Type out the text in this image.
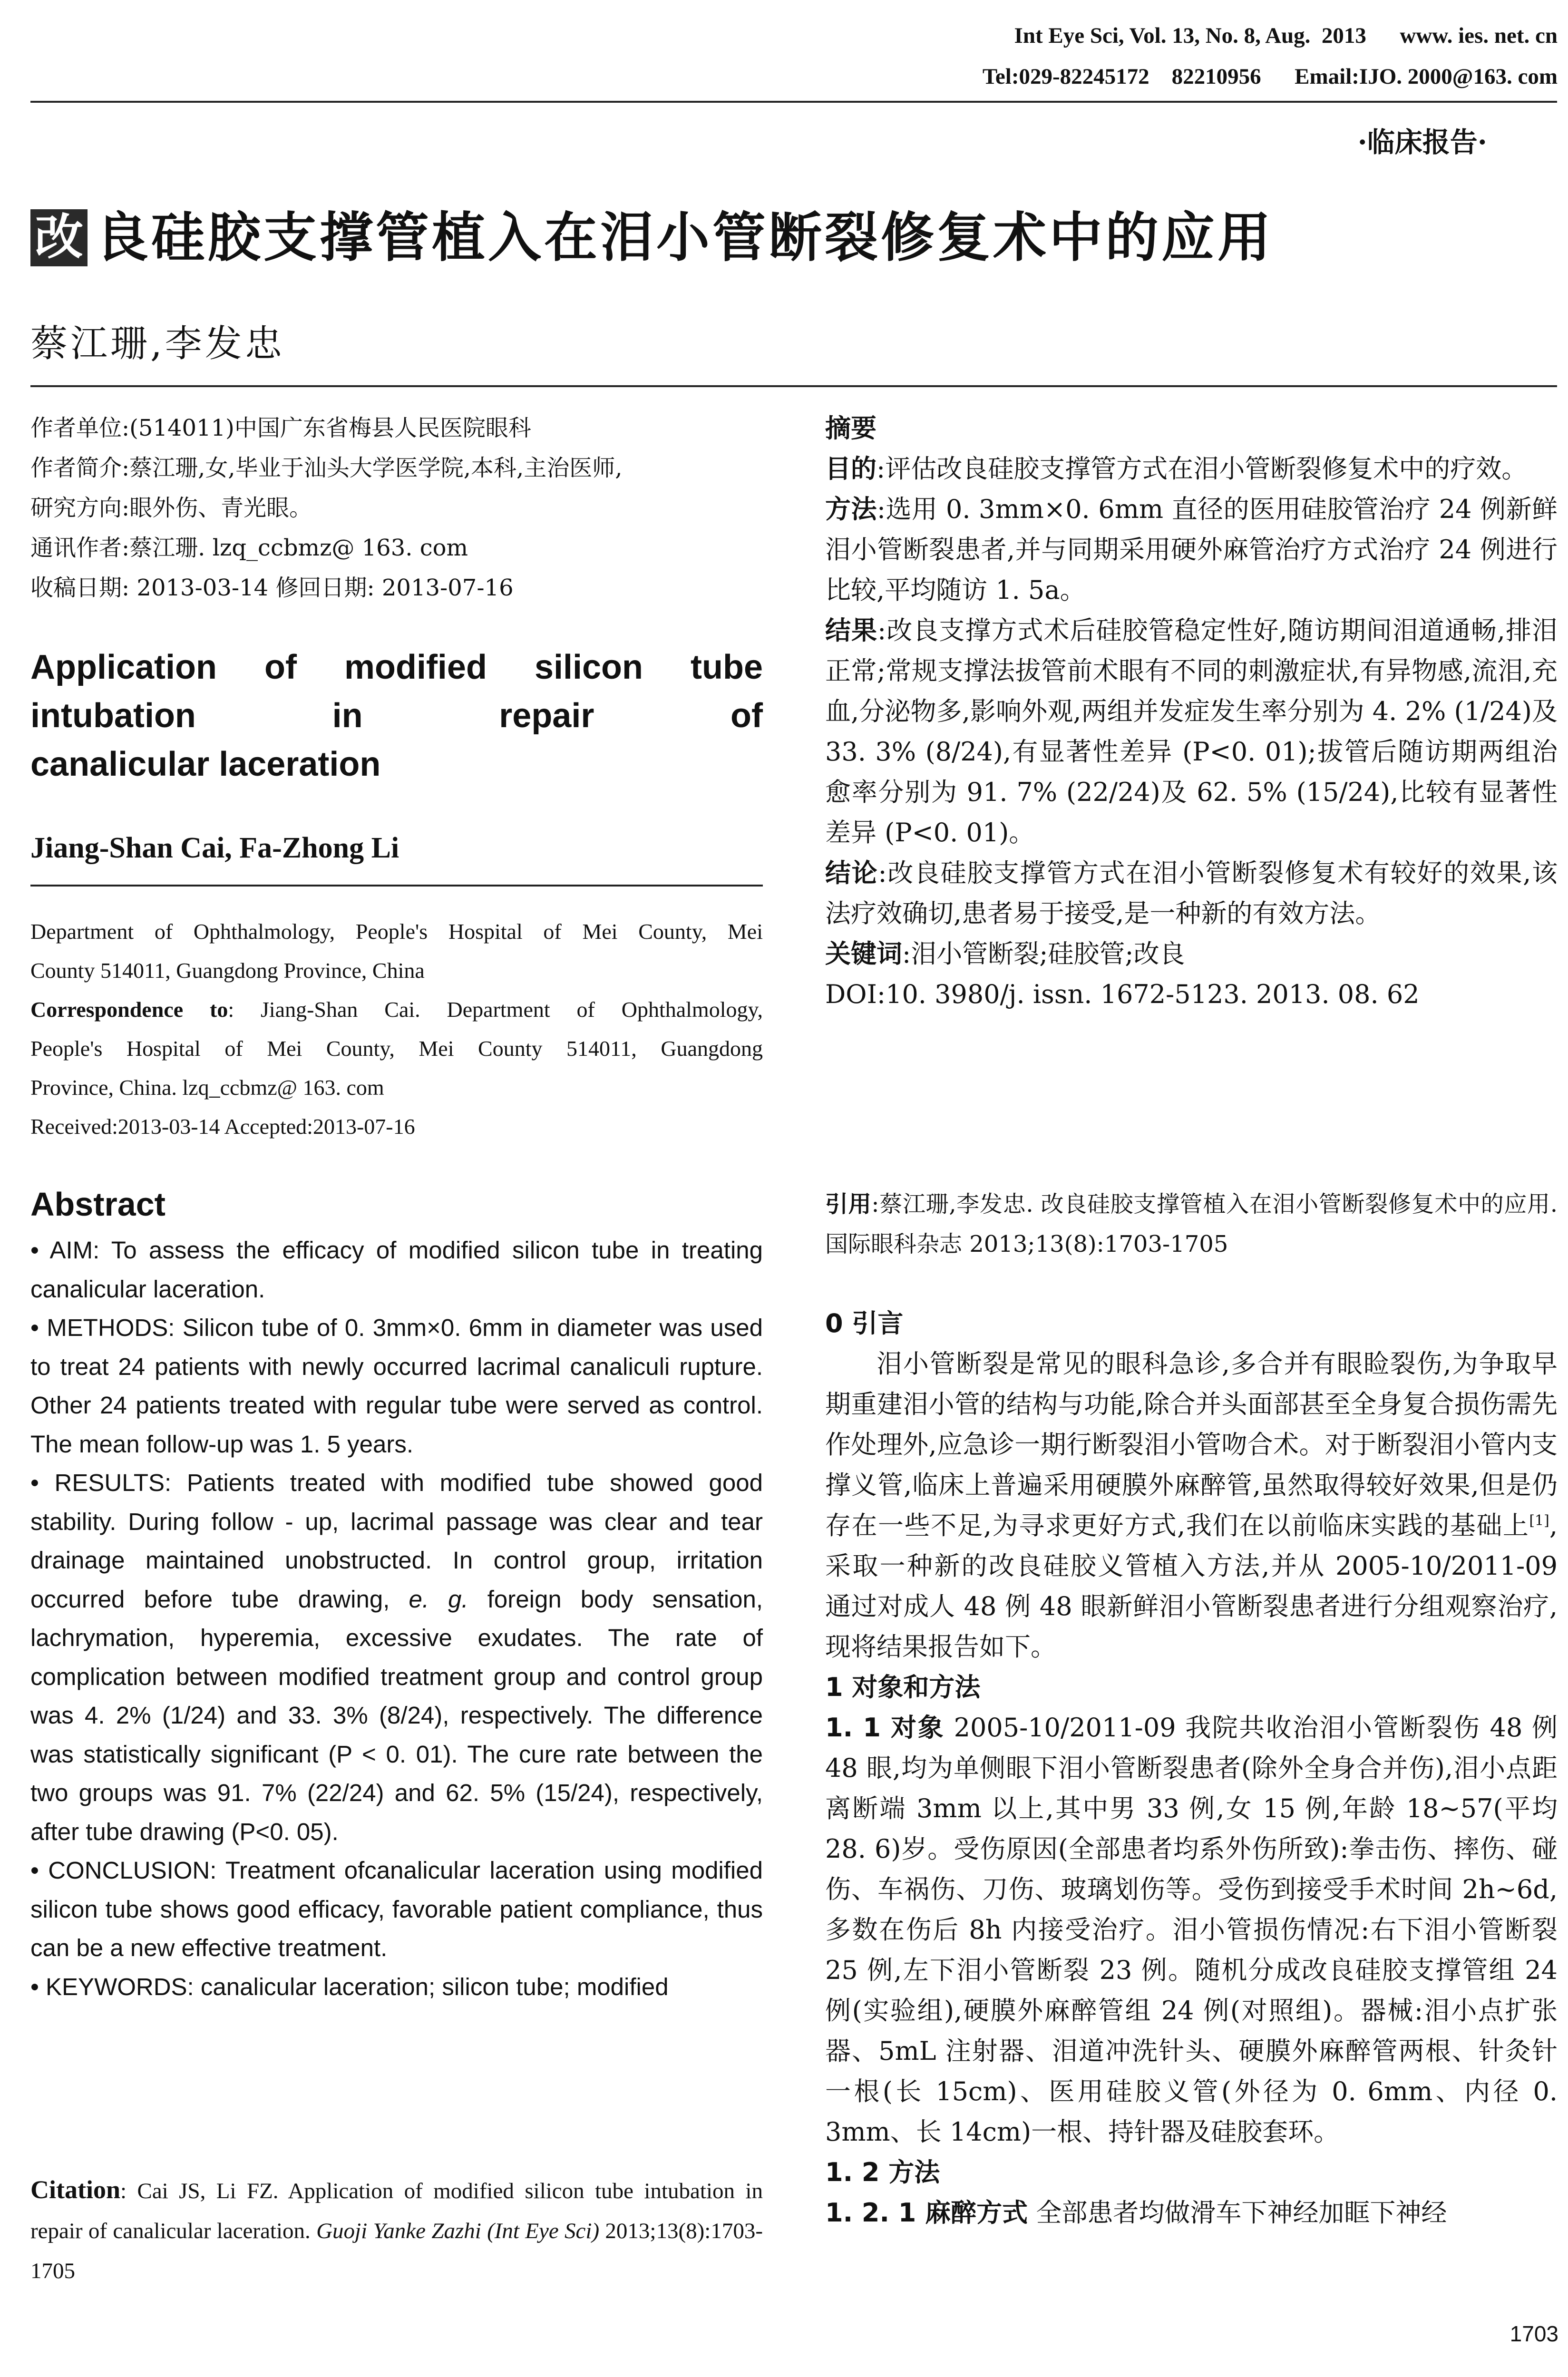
Int Eye Sci, Vol. 13, No. 8, Aug.  2013      www. ies. net. cn
Tel:029-82245172    82210956      Email:IJO. 2000@163. com
·临床报告·
改 良硅胶支撑管植入在泪小管断裂修复术中的应用
蔡江珊,李发忠

作者单位:(514011)中国广东省梅县人民医院眼科

作者简介:蔡江珊,女,毕业于汕头大学医学院,本科,主治医师,

研究方向:眼外伤、青光眼。

通讯作者:蔡江珊. lzq_ccbmz@ 163. com

收稿日期: 2013-03-14 修回日期: 2013-07-16

Application of modified silicon tube
intubation in repair of
canalicular laceration
Jiang-Shan Cai, Fa-Zhong Li

Department of Ophthalmology, People's Hospital of Mei County, Mei

County 514011, Guangdong Province, China

Correspondence to: Jiang-Shan Cai. Department of Ophthalmology,

People's Hospital of Mei County, Mei County 514011, Guangdong

Province, China. lzq_ccbmz@ 163. com

Received:2013-03-14 Accepted:2013-07-16

Abstract

• AIM: To assess the efficacy of modified silicon tube in treating canalicular laceration.

• METHODS: Silicon tube of 0. 3mm×0. 6mm in diameter was used to treat 24 patients with newly occurred lacrimal canaliculi rupture. Other 24 patients treated with regular tube were served as control. The mean follow-up was 1. 5 years.

• RESULTS: Patients treated with modified tube showed good stability. During follow - up, lacrimal passage was clear and tear drainage maintained unobstructed. In control group, irritation occurred before tube drawing, e. g. foreign body sensation, lachrymation, hyperemia, excessive exudates. The rate of complication between modified treatment group and control group was 4. 2% (1/24) and 33. 3% (8/24), respectively. The difference was statistically significant (P < 0. 01). The cure rate between the two groups was 91. 7% (22/24) and 62. 5% (15/24), respectively, after tube drawing (P<0. 05).

• CONCLUSION: Treatment ofcanalicular laceration using modified silicon tube shows good efficacy, favorable patient compliance, thus can be a new effective treatment.

• KEYWORDS: canalicular laceration; silicon tube; modified

Citation: Cai JS, Li FZ. Application of modified silicon tube intubation in repair of canalicular laceration. Guoji Yanke Zazhi (Int Eye Sci) 2013;13(8):1703-1705

摘要

目的:评估改良硅胶支撑管方式在泪小管断裂修复术中的疗效。

方法:选用 0. 3mm×0. 6mm 直径的医用硅胶管治疗 24 例新鲜泪小管断裂患者,并与同期采用硬外麻管治疗方式治疗 24 例进行比较,平均随访 1. 5a。

结果:改良支撑方式术后硅胶管稳定性好,随访期间泪道通畅,排泪正常;常规支撑法拔管前术眼有不同的刺激症状,有异物感,流泪,充血,分泌物多,影响外观,两组并发症发生率分别为 4. 2% (1/24)及 33. 3% (8/24),有显著性差异 (P<0. 01);拔管后随访期两组治愈率分别为 91. 7% (22/24)及 62. 5% (15/24),比较有显著性差异 (P<0. 01)。

结论:改良硅胶支撑管方式在泪小管断裂修复术有较好的效果,该法疗效确切,患者易于接受,是一种新的有效方法。

关键词:泪小管断裂;硅胶管;改良

DOI:10. 3980/j. issn. 1672-5123. 2013. 08. 62

引用:蔡江珊,李发忠. 改良硅胶支撑管植入在泪小管断裂修复术中的应用. 国际眼科杂志 2013;13(8):1703-1705

0 引言

泪小管断裂是常见的眼科急诊,多合并有眼睑裂伤,为争取早期重建泪小管的结构与功能,除合并头面部甚至全身复合损伤需先作处理外,应急诊一期行断裂泪小管吻合术。对于断裂泪小管内支撑义管,临床上普遍采用硬膜外麻醉管,虽然取得较好效果,但是仍存在一些不足,为寻求更好方式,我们在以前临床实践的基础上[1],采取一种新的改良硅胶义管植入方法,并从 2005-10/2011-09 通过对成人 48 例 48 眼新鲜泪小管断裂患者进行分组观察治疗,现将结果报告如下。

1 对象和方法

1. 1 对象 2005-10/2011-09 我院共收治泪小管断裂伤 48 例 48 眼,均为单侧眼下泪小管断裂患者(除外全身合并伤),泪小点距离断端 3mm 以上,其中男 33 例,女 15 例,年龄 18~57(平均28. 6)岁。受伤原因(全部患者均系外伤所致):拳击伤、摔伤、碰伤、车祸伤、刀伤、玻璃划伤等。受伤到接受手术时间 2h~6d,多数在伤后 8h 内接受治疗。泪小管损伤情况:右下泪小管断裂 25 例,左下泪小管断裂 23 例。随机分成改良硅胶支撑管组 24 例(实验组),硬膜外麻醉管组 24 例(对照组)。器械:泪小点扩张器、5mL 注射器、泪道冲洗针头、硬膜外麻醉管两根、针灸针一根(长 15cm)、医用硅胶义管(外径为 0. 6mm、内径 0. 3mm、长 14cm)一根、持针器及硅胶套环。

1. 2 方法

1. 2. 1 麻醉方式 全部患者均做滑车下神经加眶下神经

1703
